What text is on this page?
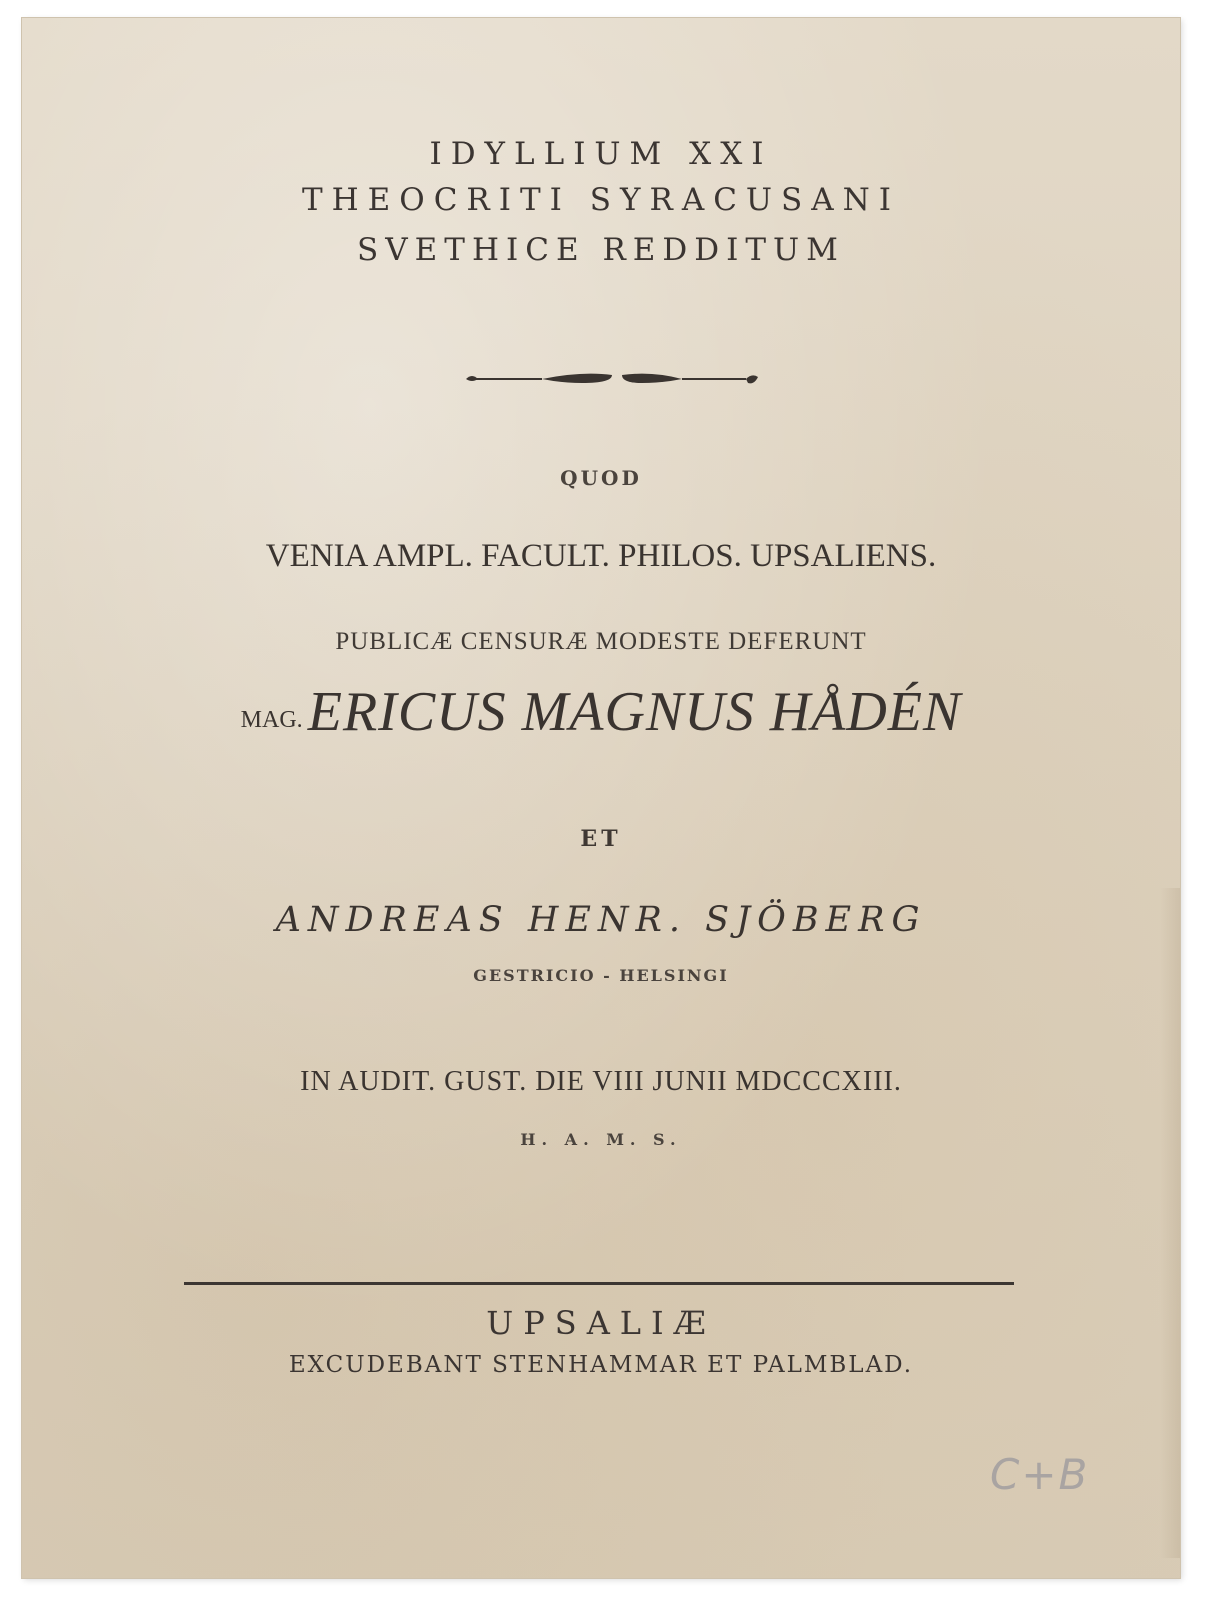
IDYLLIUM XXI
THEOCRITI SYRACUSANI
SVETHICE REDDITUM
QUOD
VENIA AMPL. FACULT. PHILOS. UPSALIENS.
PUBLICÆ CENSURÆ MODESTE DEFERUNT
MAG. ERICUS MAGNUS HÅDÉN
ET
ANDREAS HENR. SJÖBERG
GESTRICIO - HELSINGI
IN AUDIT. GUST. DIE VIII JUNII MDCCCXIII.
H. A. M. S.
UPSALIÆ
EXCUDEBANT STENHAMMAR ET PALMBLAD.
C+B
